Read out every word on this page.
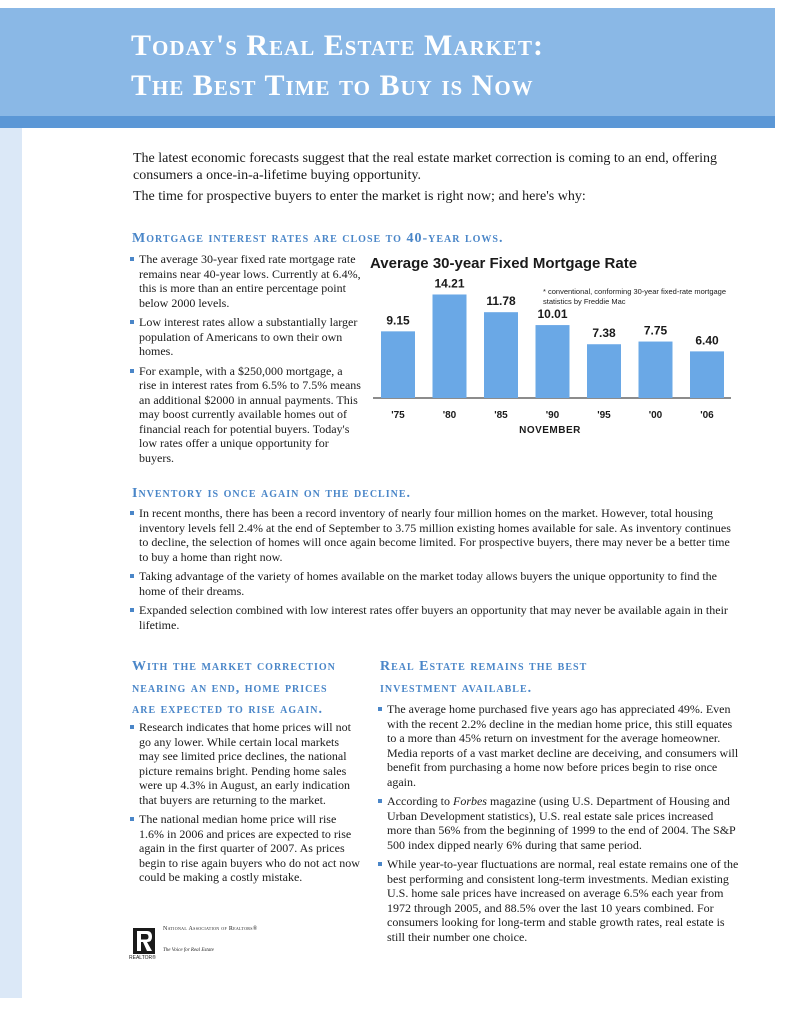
Today's Real Estate Market:
The Best Time to Buy is Now

The latest economic forecasts suggest that the real estate market correction is coming to an end, offering consumers a once-in-a-lifetime buying opportunity.

The time for prospective buyers to enter the market is right now; and here's why:

Mortgage interest rates are close to 40-year lows.
The average 30-year fixed rate mortgage rate remains near 40-year lows. Currently at 6.4%, this is more than an entire percentage point below 2000 levels.
Low interest rates allow a substantially larger population of Americans to own their own homes.
For example, with a $250,000 mortgage, a rise in interest rates from 6.5% to 7.5% means an additional $2000 in annual payments. This may boost currently available homes out of financial reach for potential buyers. Today's low rates offer a unique opportunity for buyers.
Average 30-year Fixed Mortgage Rate
* conventional, conforming 30-year fixed-rate mortgage statistics by Freddie Mac
9.15
'75
14.21
'80
11.78
'85
10.01
'90
7.38
'95
7.75
'00
6.40
'06
NOVEMBER
Inventory is once again on the decline.
In recent months, there has been a record inventory of nearly four million homes on the market. However, total housing inventory levels fell 2.4% at the end of September to 3.75 million existing homes available for sale. As inventory continues to decline, the selection of homes will once again become limited. For prospective buyers, there may never be a better time to buy a home than right now.
Taking advantage of the variety of homes available on the market today allows buyers the unique opportunity to find the home of their dreams.
Expanded selection combined with low interest rates offer buyers an opportunity that may never be available again in their lifetime.
With the market correction
nearing an end, home prices
are expected to rise again.
Research indicates that home prices will not go any lower. While certain local markets may see limited price declines, the national picture remains bright. Pending home sales were up 4.3% in August, an early indication that buyers are returning to the market.
The national median home price will rise 1.6% in 2006 and prices are expected to rise again in the first quarter of 2007. As prices begin to rise again buyers who do not act now could be making a costly mistake.
Real Estate remains the best
investment available.
The average home purchased five years ago has appreciated 49%. Even with the recent 2.2% decline in the median home price, this still equates to a more than 45% return on investment for the average homeowner. Media reports of a vast market decline are deceiving, and consumers will benefit from purchasing a home now before prices begin to rise once again.
According to Forbes magazine (using U.S. Department of Housing and Urban Development statistics), U.S. real estate sale prices increased more than 56% from the beginning of 1999 to the end of 2004. The S&P 500 index dipped nearly 6% during that same period.
While year-to-year fluctuations are normal, real estate remains one of the best performing and consistent long-term investments. Median existing U.S. home sale prices have increased on average 6.5% each year from 1972 through 2005, and 88.5% over the last 10 years combined. For consumers looking for long-term and stable growth rates, real estate is still their number one choice.
National Association of Realtors®
The Voice for Real Estate
REALTOR®
